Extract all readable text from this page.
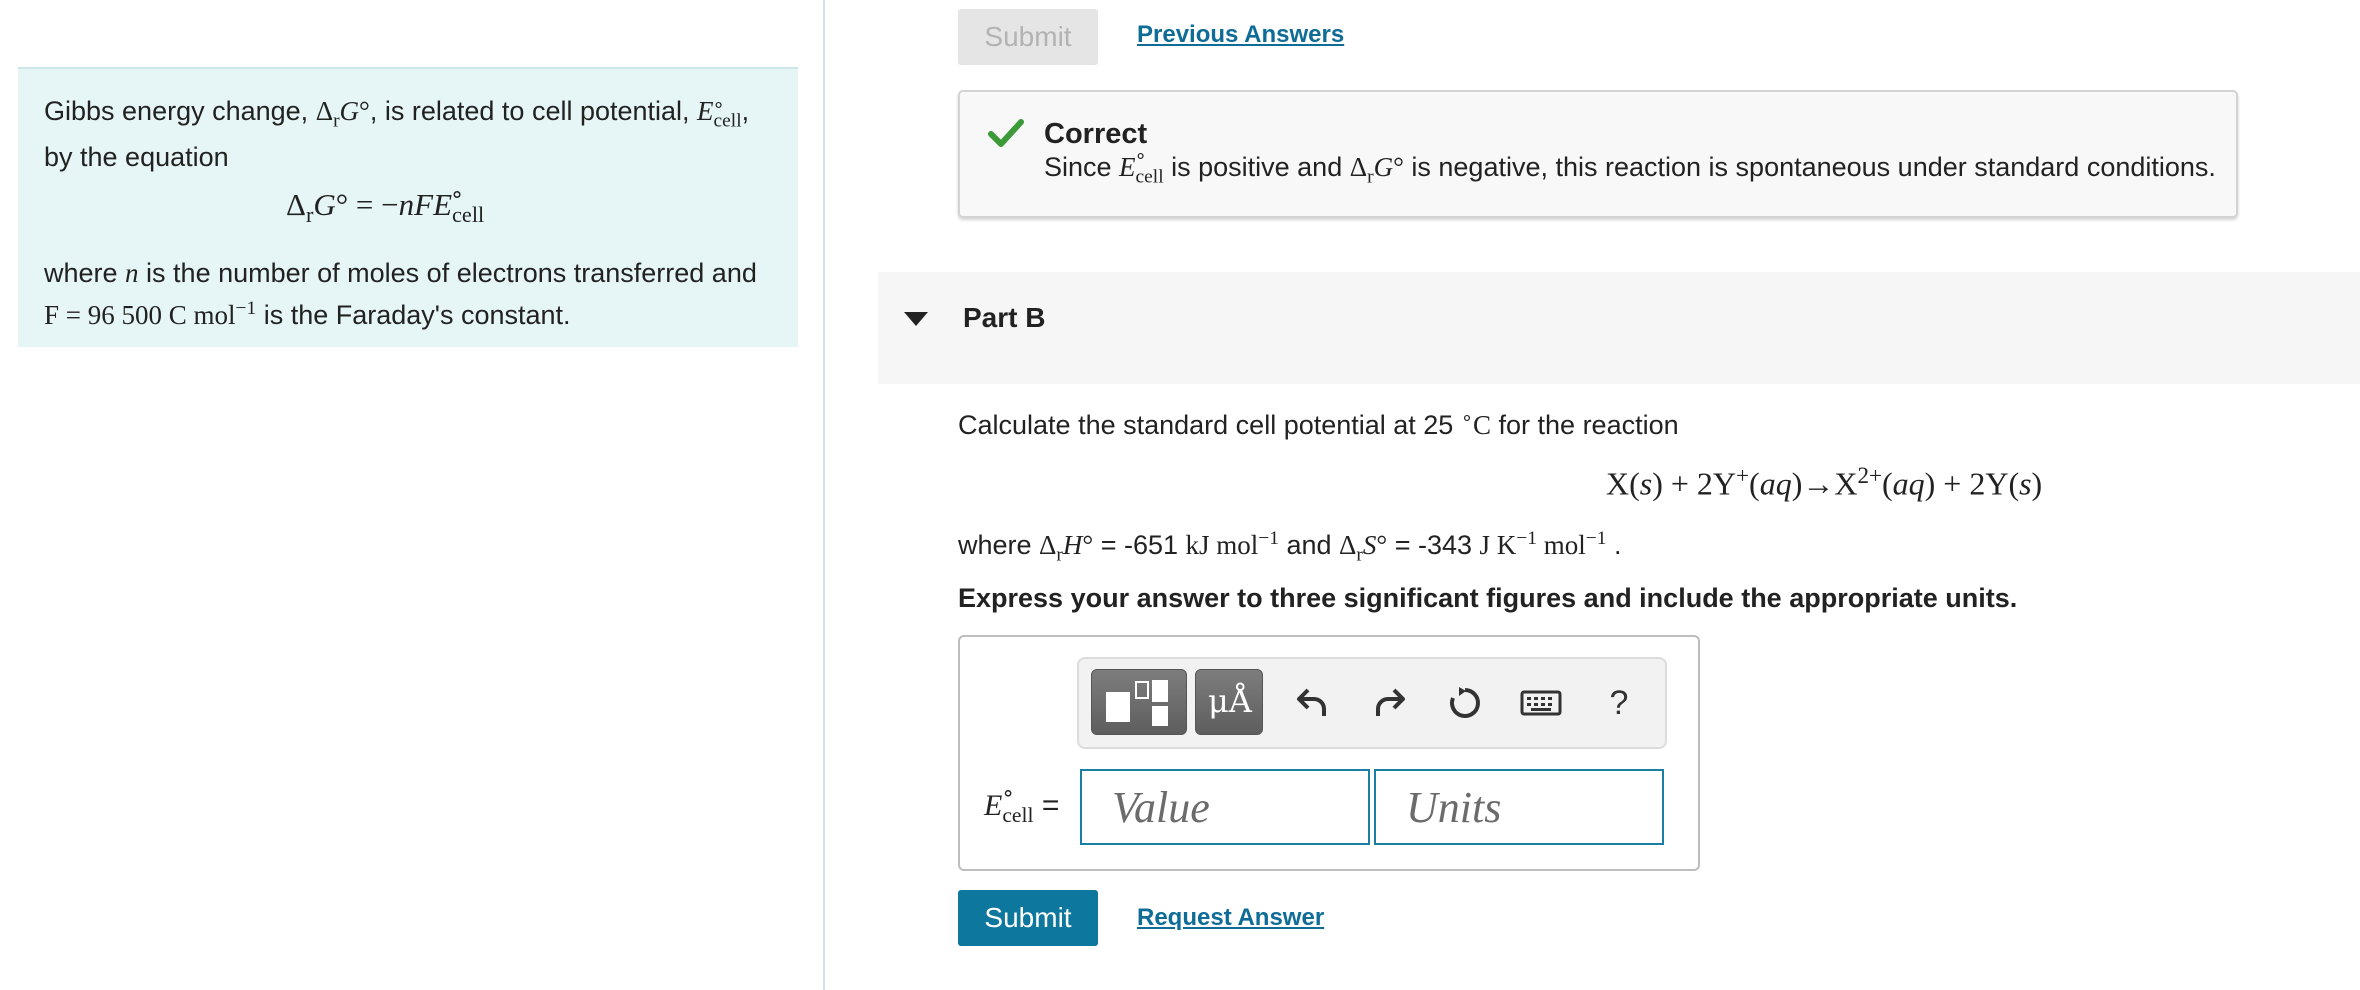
Gibbs energy change, $\Delta_rG^\circ$, is related to cell potential, E ∘
$_{cell}$,
by the equation
$\Delta_rG^\circ = -nFE$
∘
$_{cell}$
where n is the number of moles of electrons transferred and
F = 96 500 C mol$^{-1}$ is the Faraday's constant.
Submit	Previous Answers
Correct
Since E ∘
$_{cell}$ is positive and $\Delta_rG^\circ$ is negative, this reaction is spontaneous under standard conditions.
Part B
Calculate the standard cell potential at 25 ∘C for the reaction
$X(s) + 2Y^+(aq)\to X^{2+}(aq) + 2Y(s)$
where $\Delta_rH^\circ = -651$ kJ mol$^{-1}$ and $\Delta_rS^\circ = -343$ J $K^{-1}$ mol$^{-1}$ .
Express your answer to three significant figures and include the appropriate units.
μÅ	?
E ∘
$_{cell}$ =
Value
Units
Submit	Request Answer
